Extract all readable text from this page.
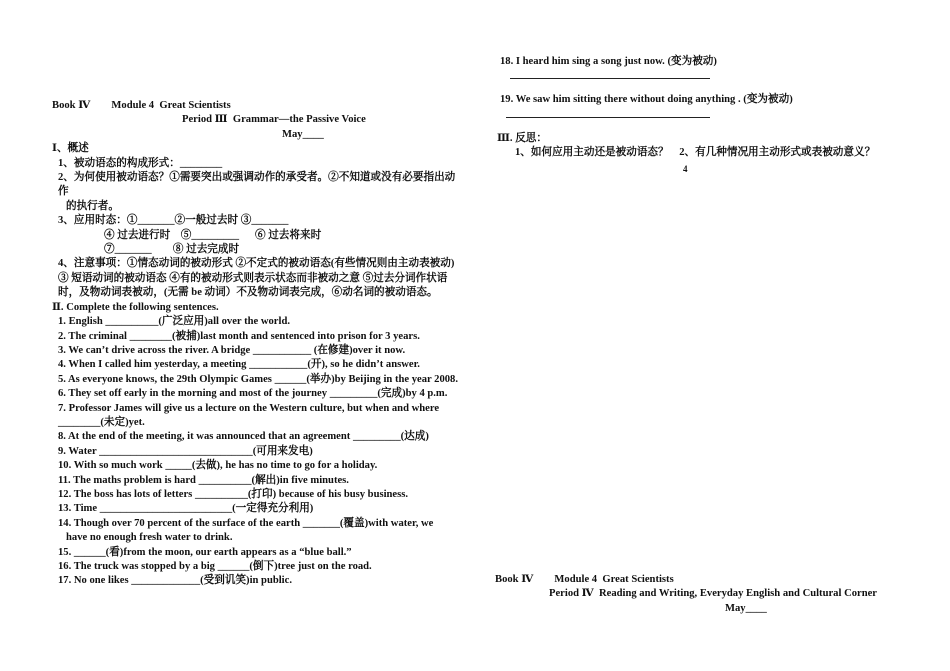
Book Ⅳ Module 4  Great Scientists
Period Ⅲ  Grammar—the Passive Voice
May____
Ⅰ、概述
1、被动语态的构成形式：________
2、为何使用被动语态？①需要突出或强调动作的承受者。②不知道或没有必要指出动作
的执行者。
3、应用时态：①_______②一般过去时 ③_______
④ 过去进行时    ⑤_________      ⑥ 过去将来时
⑦_______        ⑧ 过去完成时
4、注意事项：①情态动词的被动形式 ②不定式的被动语态(有些情况则由主动表被动) ③ 短语动词的被动语态 ④有的被动形式则表示状态而非被动之意 ⑤过去分词作状语时，及物动词表被动，(无需 be 动词）不及物动词表完成，⑥动名词的被动语态。
Ⅱ. Complete the following sentences.
1. English __________(广泛应用)all over the world.
2. The criminal ________(被捕)last month and sentenced into prison for 3 years.
3. We can’t drive across the river. A bridge ___________ (在修建)over it now.
4. When I called him yesterday, a meeting ___________(开), so he didn’t answer.
5. As everyone knows, the 29th Olympic Games ______(举办)by Beijing in the year 2008.
6. They set off early in the morning and most of the journey _________(完成)by 4 p.m.
7. Professor James will give us a lecture on the Western culture, but when and where ________(未定)yet.
8. At the end of the meeting, it was announced that an agreement _________(达成)
9. Water _____________________________(可用来发电)
10. With so much work _____(去做), he has no time to go for a holiday.
11. The maths problem is hard __________(解出)in five minutes.
12. The boss has lots of letters __________(打印) because of his busy business.
13. Time _________________________(一定得充分利用)
14. Though over 70 percent of the surface of the earth _______(覆盖)with water, we
have no enough fresh water to drink.
15. ______(看)from the moon, our earth appears as a “blue ball.”
16. The truck was stopped by a big ______(倒下)tree just on the road.
17. No one likes _____________(受到讥笑)in public.
18. I heard him sing a song just now. (变为被动)
19. We saw him sitting there without doing anything . (变为被动)
Ⅲ. 反思：
1、如何应用主动还是被动语态？    2、有几种情况用主动形式或表被动意义？
4
Book Ⅳ Module 4  Great Scientists
Period Ⅳ  Reading and Writing, Everyday English and Cultural Corner
May____
